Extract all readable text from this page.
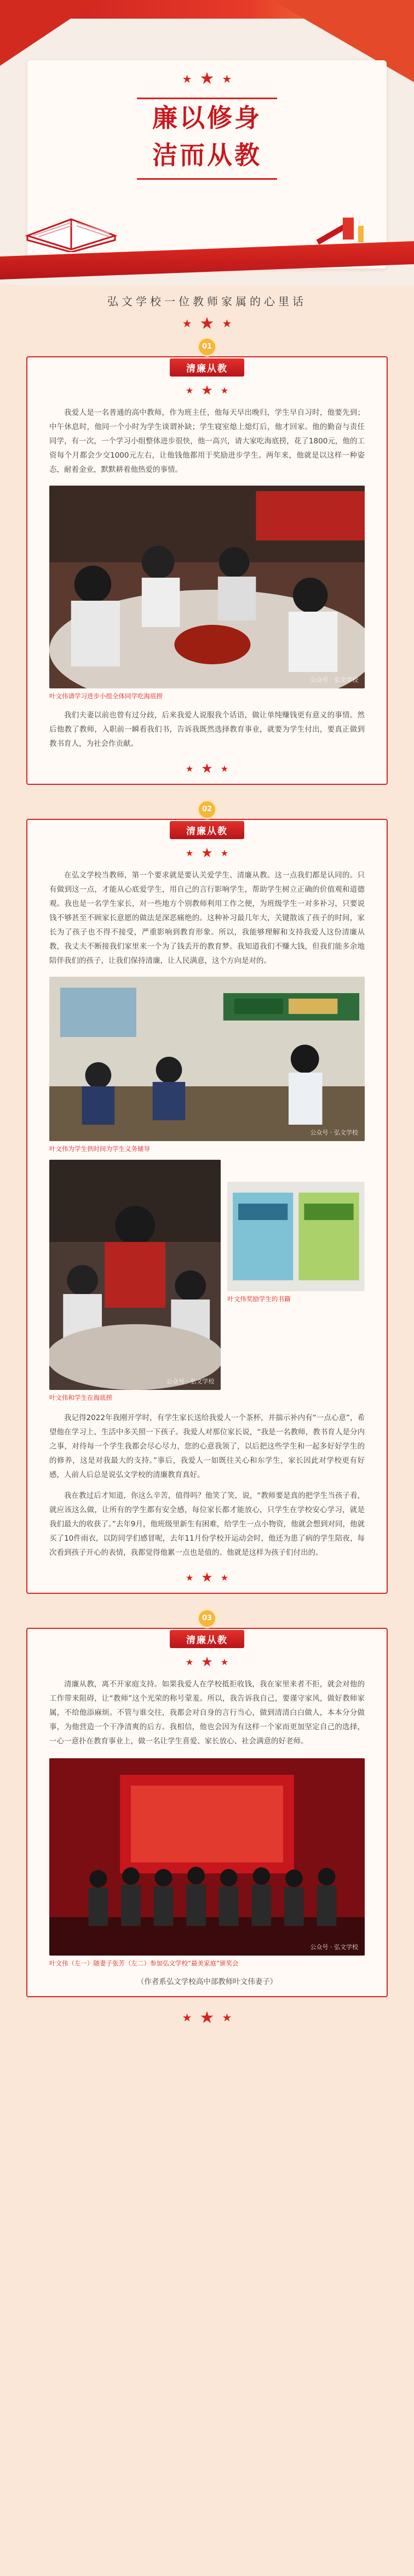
★ ★ ★
廉以修身
洁而从教
弘文学校一位教师家属的心里话
★ ★ ★
01
清廉从教
★ ★ ★

我爱人是一名普通的高中教师，作为班主任，他每天早出晚归，学生早自习时，他要先到；中午休息时，他同一个小时为学生谈谓补缺；学生寝室熄上熄灯后，他才回家。他的勤奋与责任同学，有一次，一个学习小组整体进步很快，他一高兴，请大家吃海底捞，花了1800元，他的工资每个月都会少交1000元左右，让他钱他都用于奖励进步学生。两年来，他就是以这样一种姿态，耐着金业，默默耕着他热爱的事情。

公众号 · 弘文学校
叶文伟请学习进步小组全体同学吃海底捞

我们夫妻以前也曾有过分歧，后来我爱人说服我个话语，做让单纯赚钱更有意义的事情。然后他教了教师，入职前一瞬看我们书，告诉我既然选择教育事业，就要为学生付出，要真正做到教书育人，为社会作贡献。

★ ★ ★
02
清廉从教
★ ★ ★

在弘文学校当教师，第一个要求就是要认关爱学生、清廉从教。这一点我们都是认同的。只有做到这一点，才能从心底爱学生，用自己的言行影响学生，帮助学生树立正确的价值观和道德观。我也是一名学生家长，对一些地方个别教师利用工作之便，为班级学生一对多补习，只要说钱不够甚至不顾家长意愿的做法是深恶痛绝的。这种补习最几年大，关键散该了孩子的时间，家长为了孩子也不得不接受，严重影响到教育形象。所以，我能够理解和支持我爱人这份清廉从教，我丈夫不断接我们家里来一个为了钱丢开的教育梦。我知道我们不赚大钱，但我们能多余地陪伴我们的孩子，让我们保持清廉，让人民满意，这个方向是对的。

公众号 · 弘文学校
叶文伟为学生供时间为学生义务辅导
公众号 · 弘文学校
叶文伟和学生在海底捞
叶文伟奖励学生的书籍

我记得2022年我刚开学时，有学生家长送给我爱人一个茶杯，并揣示补内有“一点心意”，希望他在学习上、生活中多关照一下孩子。我爱人对那位家长说，“我是一名教师，教书育人是分内之事，对待每一个学生我都会尽心尽力，您的心意我领了，以后把这些学生和一起多好好学生的的修养，这是对我最大的支持。”事后，我爱人一如既往关心和东学生，家长因此对学校更有好感，人前人后总是说弘文学校的清廉教育真好。

我在教过后才知道，你这么辛苦，值得吗？他笑了笑，说，“教师要是真的把学生当孩子看，就应该这么做，让所有的学生都有安全感，每位家长都才能放心，只学生在学校安心学习，就是我们最大的收获了。”去年9月，他班级里新生有困难，给学生一点小物资，他就会想到对同，他就买了10件雨衣，以防同学们感冒呢，去年11月份学校开运动会时，他还为患了病的学生陪夜，每次看到孩子开心的表情，我都觉得他累一点也是值的。他就是这样为孩子们付出的。

★ ★ ★
03
清廉从教
★ ★ ★

清廉从教，离不开家庭支持。如果我爱人在学校抵拒收钱，我在家里来者不拒，就会对他的工作带来阻碍，让“教师”这个光荣的称号蒙羞。所以，我告诉我自己，要谨守家风，做好教师家属，不给他添麻烦。不管与谁交往，我都会对自身的言行当心，做到清清白白做人，本本分分做事，为他营造一个干净清爽的后方。我相信，他也会因为有这样一个家而更加坚定自己的选择，一心一意扑在教育事业上，做一名让学生喜爱、家长放心、社会满意的好老师。

公众号 · 弘文学校
叶文伟（左一）随妻子张芳（左二）参加弘文学校“最美家庭”颁奖会
（作者系弘文学校高中部教师叶文伟妻子）
★ ★ ★
